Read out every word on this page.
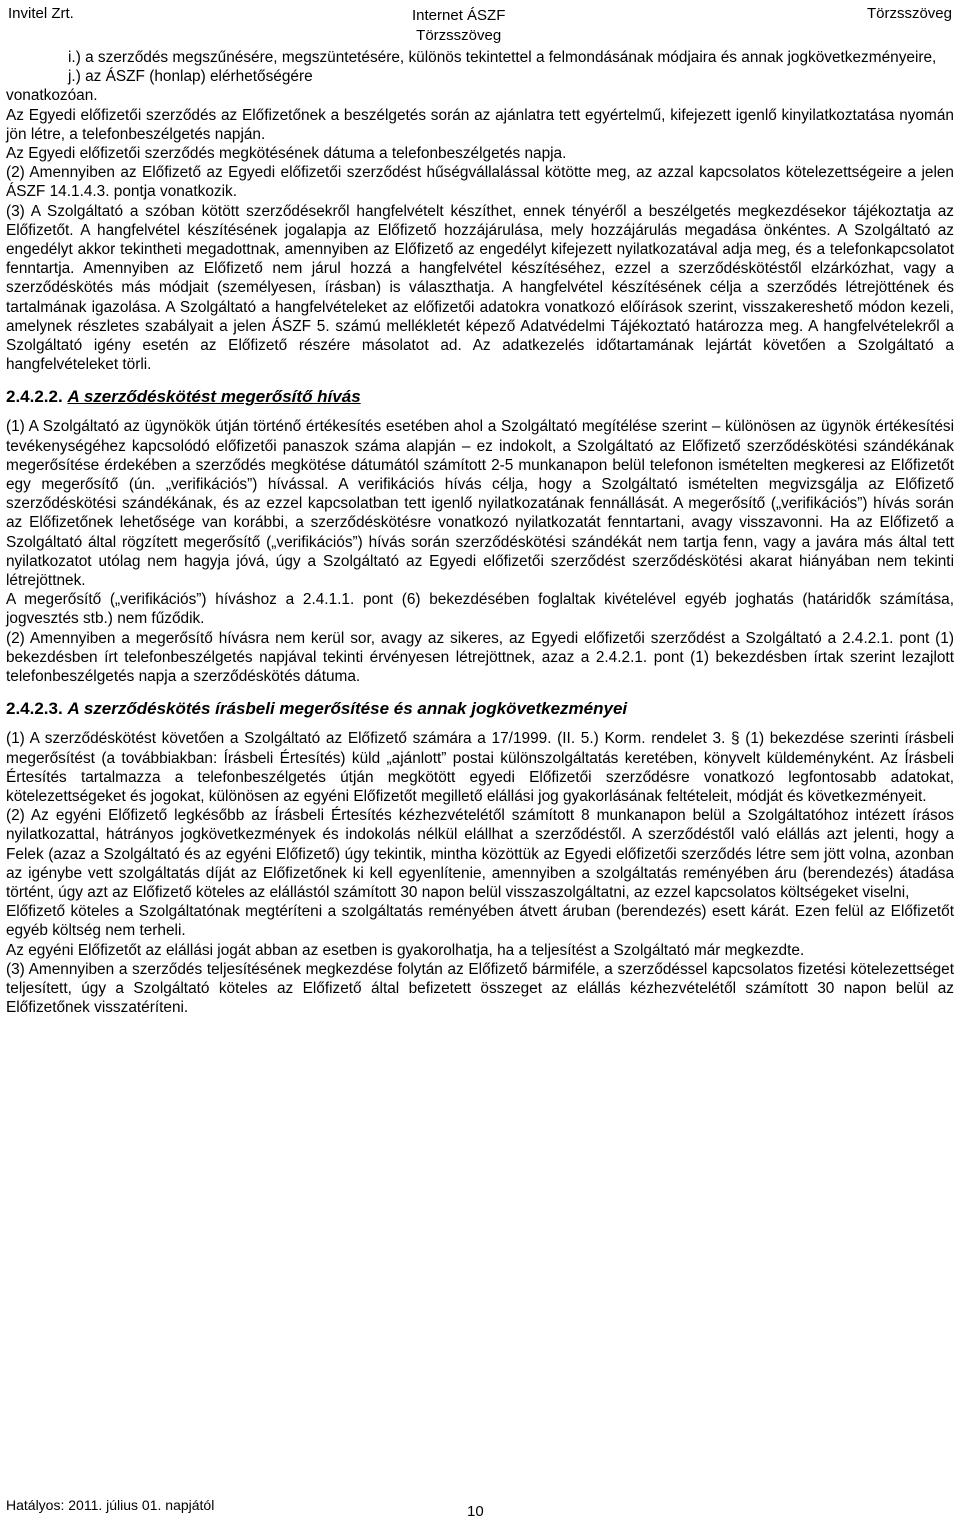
Invitel Zrt.	Internet ÁSZF
Törzsszöveg
Törzsszöveg

i.) a szerződés megszűnésére, megszüntetésére, különös tekintettel a felmondásának módjaira és annak jogkövetkezményeire,

j.) az ÁSZF (honlap) elérhetőségére

vonatkozóan.

Az Egyedi előfizetői szerződés az Előfizetőnek a beszélgetés során az ajánlatra tett egyértelmű, kifejezett igenlő kinyilatkoztatása nyomán jön létre, a telefonbeszélgetés napján.

Az Egyedi előfizetői szerződés megkötésének dátuma a telefonbeszélgetés napja.

(2) Amennyiben az Előfizető az Egyedi előfizetői szerződést hűségvállalással kötötte meg, az azzal kapcsolatos kötelezettségeire a jelen ÁSZF 14.1.4.3. pontja vonatkozik.

(3) A Szolgáltató a szóban kötött szerződésekről hangfelvételt készíthet, ennek tényéről a beszélgetés megkezdésekor tájékoztatja az Előfizetőt. A hangfelvétel készítésének jogalapja az Előfizető hozzájárulása, mely hozzájárulás megadása önkéntes. A Szolgáltató az engedélyt akkor tekintheti megadottnak, amennyiben az Előfizető az engedélyt kifejezett nyilatkozatával adja meg, és a telefonkapcsolatot fenntartja. Amennyiben az Előfizető nem járul hozzá a hangfelvétel készítéséhez, ezzel a szerződéskötéstől elzárkózhat, vagy a szerződéskötés más módjait (személyesen, írásban) is választhatja. A hangfelvétel készítésének célja a szerződés létrejöttének és tartalmának igazolása. A Szolgáltató a hangfelvételeket az előfizetői adatokra vonatkozó előírások szerint, visszakereshető módon kezeli, amelynek részletes szabályait a jelen ÁSZF 5. számú mellékletét képező Adatvédelmi Tájékoztató határozza meg. A hangfelvételekről a Szolgáltató igény esetén az Előfizető részére másolatot ad. Az adatkezelés időtartamának lejártát követően a Szolgáltató a hangfelvételeket törli.

2.4.2.2. A szerződéskötést megerősítő hívás

(1) A Szolgáltató az ügynökök útján történő értékesítés esetében ahol a Szolgáltató megítélése szerint – különösen az ügynök értékesítési tevékenységéhez kapcsolódó előfizetői panaszok száma alapján – ez indokolt, a Szolgáltató az Előfizető szerződéskötési szándékának megerősítése érdekében a szerződés megkötése dátumától számított 2-5 munkanapon belül telefonon ismételten megkeresi az Előfizetőt egy megerősítő (ún. „verifikációs”) hívással. A verifikációs hívás célja, hogy a Szolgáltató ismételten megvizsgálja az Előfizető szerződéskötési szándékának, és az ezzel kapcsolatban tett igenlő nyilatkozatának fennállását. A megerősítő („verifikációs”) hívás során az Előfizetőnek lehetősége van korábbi, a szerződéskötésre vonatkozó nyilatkozatát fenntartani, avagy visszavonni. Ha az Előfizető a Szolgáltató által rögzített megerősítő („verifikációs”) hívás során szerződéskötési szándékát nem tartja fenn, vagy a javára más által tett nyilatkozatot utólag nem hagyja jóvá, úgy a Szolgáltató az Egyedi előfizetői szerződést szerződéskötési akarat hiányában nem tekinti létrejöttnek.

A megerősítő („verifikációs”) híváshoz a 2.4.1.1. pont (6) bekezdésében foglaltak kivételével egyéb joghatás (határidők számítása, jogvesztés stb.) nem fűződik.

(2) Amennyiben a megerősítő hívásra nem kerül sor, avagy az sikeres, az Egyedi előfizetői szerződést a Szolgáltató a 2.4.2.1. pont (1) bekezdésben írt telefonbeszélgetés napjával tekinti érvényesen létrejöttnek, azaz a 2.4.2.1. pont (1) bekezdésben írtak szerint lezajlott telefonbeszélgetés napja a szerződéskötés dátuma.

2.4.2.3. A szerződéskötés írásbeli megerősítése és annak jogkövetkezményei

(1) A szerződéskötést követően a Szolgáltató az Előfizető számára a 17/1999. (II. 5.) Korm. rendelet 3. § (1) bekezdése szerinti írásbeli megerősítést (a továbbiakban: Írásbeli Értesítés) küld „ajánlott” postai különszolgáltatás keretében, könyvelt küldeményként. Az Írásbeli Értesítés tartalmazza a telefonbeszélgetés útján megkötött egyedi Előfizetői szerződésre vonatkozó legfontosabb adatokat, kötelezettségeket és jogokat, különösen az egyéni Előfizetőt megillető elállási jog gyakorlásának feltételeit, módját és következményeit.

(2) Az egyéni Előfizető legkésőbb az Írásbeli Értesítés kézhezvételétől számított 8 munkanapon belül a Szolgáltatóhoz intézett írásos nyilatkozattal, hátrányos jogkövetkezmények és indokolás nélkül elállhat a szerződéstől. A szerződéstől való elállás azt jelenti, hogy a Felek (azaz a Szolgáltató és az egyéni Előfizető) úgy tekintik, mintha közöttük az Egyedi előfizetői szerződés létre sem jött volna, azonban az igénybe vett szolgáltatás díját az Előfizetőnek ki kell egyenlítenie, amennyiben a szolgáltatás reményében áru (berendezés) átadása történt, úgy azt az Előfizető köteles az elállástól számított 30 napon belül visszaszolgáltatni, az ezzel kapcsolatos költségeket viselni,

Előfizető köteles a Szolgáltatónak megtéríteni a szolgáltatás reményében átvett áruban (berendezés) esett kárát. Ezen felül az Előfizetőt egyéb költség nem terheli.

Az egyéni Előfizetőt az elállási jogát abban az esetben is gyakorolhatja, ha a teljesítést a Szolgáltató már megkezdte.

(3) Amennyiben a szerződés teljesítésének megkezdése folytán az Előfizető bármiféle, a szerződéssel kapcsolatos fizetési kötelezettséget teljesített, úgy a Szolgáltató köteles az Előfizető által befizetett összeget az elállás kézhezvételétől számított 30 napon belül az Előfizetőnek visszatéríteni.

Hatályos: 2011. július 01. napjától	10
